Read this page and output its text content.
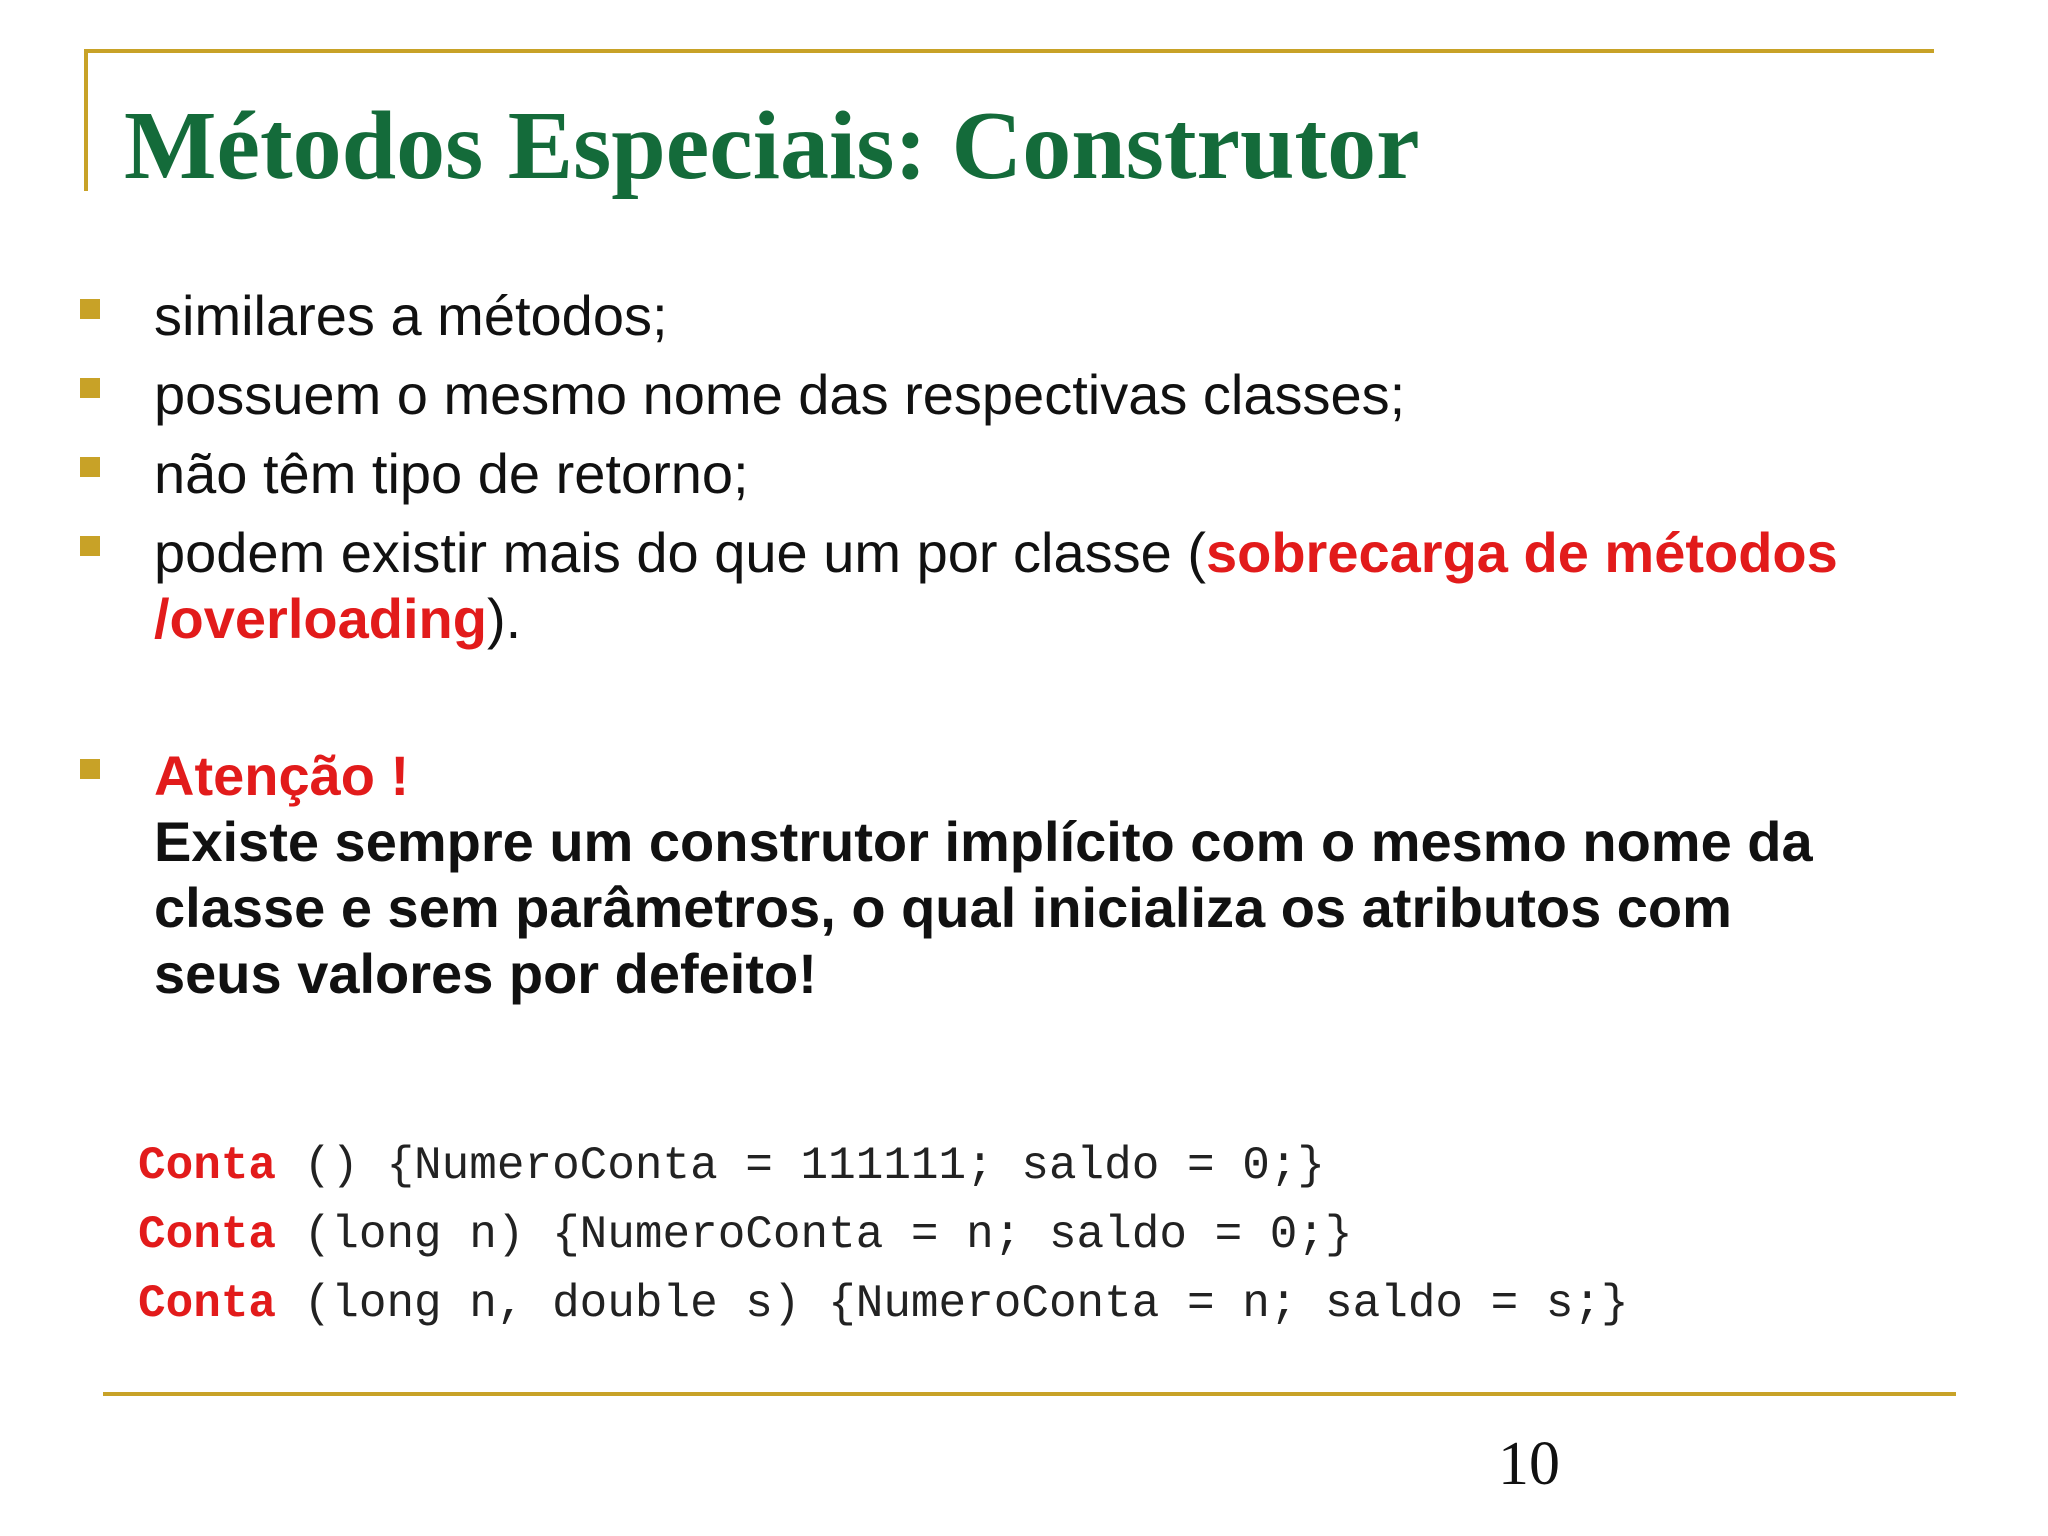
Métodos Especiais: Construtor
similares a métodos;
possuem o mesmo nome das respectivas classes;
não têm tipo de retorno;
podem existir mais do que um por classe (sobrecarga de métodos
/overloading).
Atenção !
Existe sempre um construtor implícito com o mesmo nome da
classe e sem parâmetros, o qual inicializa os atributos com
seus valores por defeito!
Conta () {NumeroConta = 111111; saldo = 0;}
Conta (long n) {NumeroConta = n; saldo = 0;}
Conta (long n, double s) {NumeroConta = n; saldo = s;}
10
